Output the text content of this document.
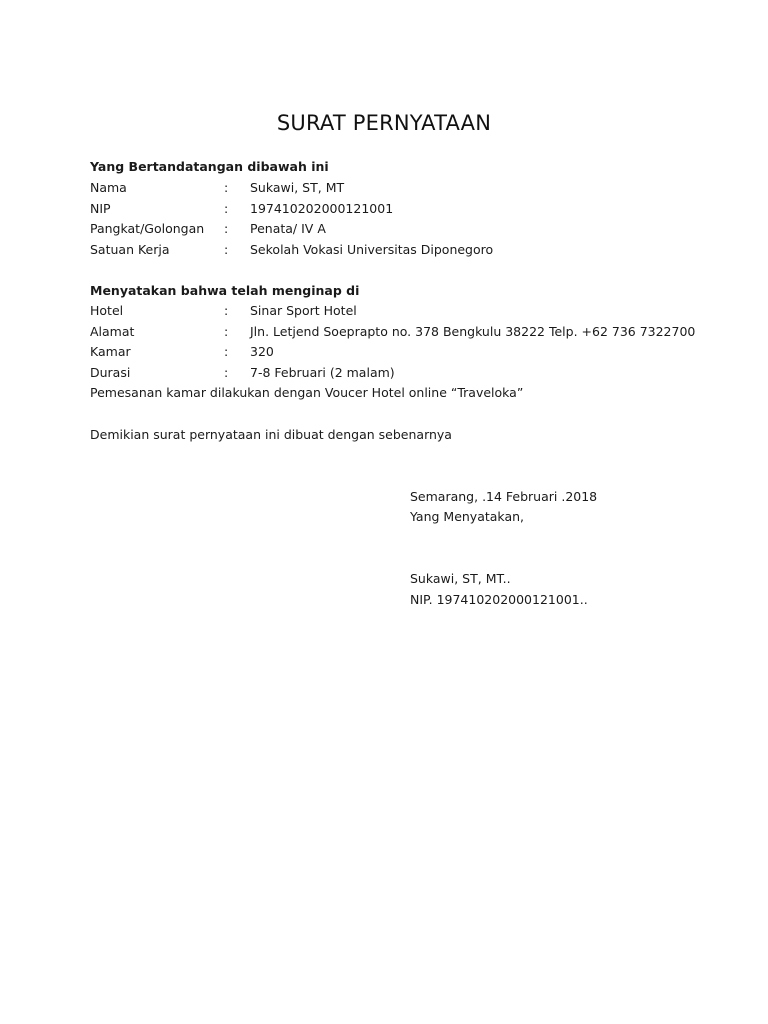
SURAT PERNYATAAN
Yang Bertandatangan dibawah ini
Nama	: Sukawi, ST, MT
NIP	: 197410202000121001
Pangkat/Golongan : Penata/ IV A
Satuan Kerja	: Sekolah Vokasi Universitas Diponegoro
Menyatakan bahwa telah menginap di
Hotel	: Sinar Sport Hotel
Alamat	: Jln. Letjend Soeprapto no. 378 Bengkulu 38222 Telp. +62 736 7322700
Kamar	: 320
Durasi	: 7-8 Februari (2 malam)
Pemesanan kamar dilakukan dengan Voucer Hotel online “Traveloka”
Demikian surat pernyataan ini dibuat dengan sebenarnya
Semarang, .14 Februari .2018
Yang Menyatakan,
Sukawi, ST, MT..
NIP. 197410202000121001..
